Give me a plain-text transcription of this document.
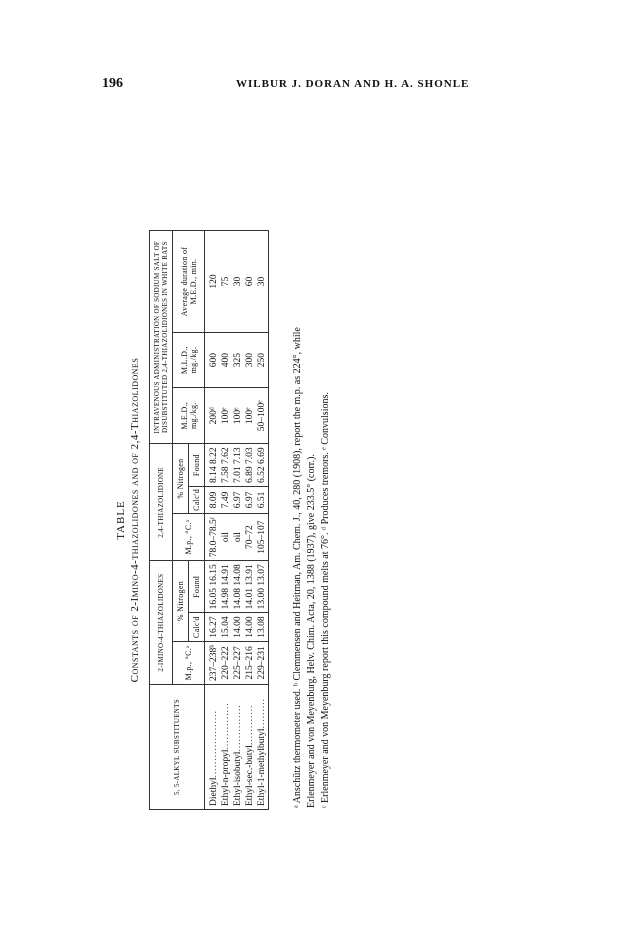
196	WILBUR J. DORAN AND H. A. SHONLE
TABLE Constants of 2-Imino-4-thiazolidones and of 2,4-Thiazolidones
5, 5-ALKYL SUBSTITUENTS	2-IMINO-4-THIAZOLIDONES			2,4-THIAZOLIDIONE			INTRAVENOUS ADMINISTRATION OF SODIUM SALT OF DISUBSTITUTED 2,4-THIAZOLIDIONES IN WHITE RATS		
	M.p., °C.ᵃ	% Nitrogen		M.p., °C.ᵃ	% Nitrogen		M.E.D., mg./kg.	M.L.D., mg./kg.	Average duration of M.E.D., min.
		Calc'd	Found		Calc'd	Found			
Diethyl....................	237–238ᵇ	16.27	16.05 16.15	78.0–78.5ᶜ	8.09	8.14 8.22	200ᵈ	600	120
Ethyl-n-propyl..............	220–222	15.04	14.98 14.91	oil	7.49	7.58 7.62	100ᵉ	400	75
Ethyl-isobutyl..............	225–227	14.00	14.08 14.08	oil	6.97	7.01 7.13	100ᵉ	325	30
Ethyl-sec.-butyl............	215–216	14.00	14.01 13.91	70–72	6.97	6.89 7.03	100ᵉ	300	60
Ethyl-1-methylbutyl.........	229–231	13.08	13.00 13.07	105–107	6.51	6.52 6.69	50–100ᵉ	250	30
ᵃ Anschütz thermometer used. ᵇ Clemmensen and Heitman, Am. Chem. J., 40, 280 (1908), report the m.p. as 224°, while Erlenmeyer and von Meyenburg, Helv. Chim. Acta, 20, 1388 (1937), give 233.5° (corr.). ᶜ Erlenmeyer and von Meyenburg report this compound melts at 76°. ᵈ Produces tremors. ᵉ Convulsions.
